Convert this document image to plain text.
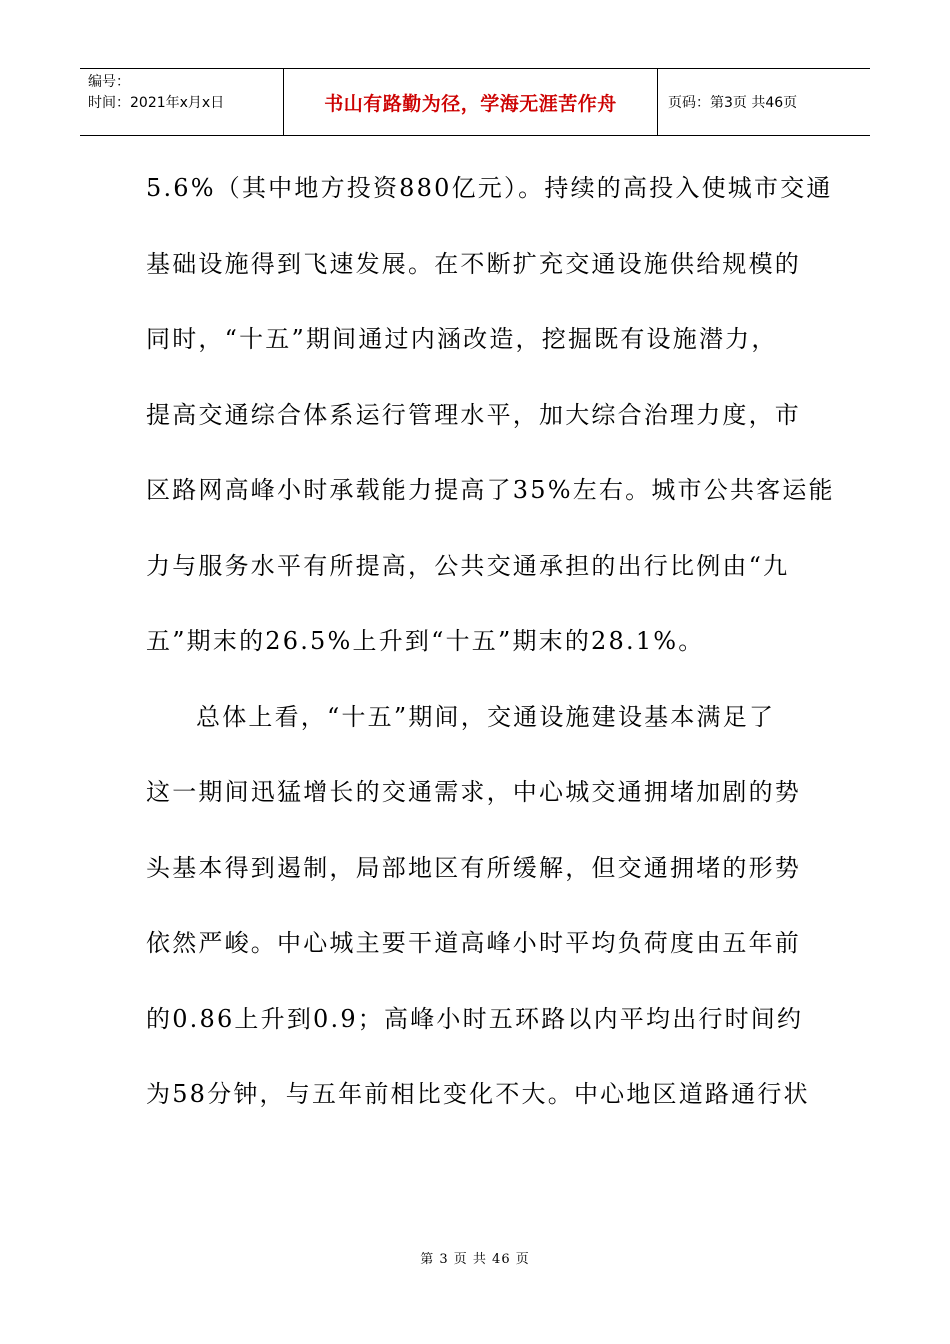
编号：
时间：2021年x月x日	书山有路勤为径，学海无涯苦作舟	页码：第3页 共46页
5.6%（其中地方投资880亿元）。持续的高投入使城市交通
基础设施得到飞速发展。在不断扩充交通设施供给规模的
同时，“十五”期间通过内涵改造，挖掘既有设施潜力，
提高交通综合体系运行管理水平，加大综合治理力度，市
区路网高峰小时承载能力提高了35%左右。城市公共客运能
力与服务水平有所提高，公共交通承担的出行比例由“九
五”期末的26.5%上升到“十五”期末的28.1%。
总体上看，“十五”期间，交通设施建设基本满足了
这一期间迅猛增长的交通需求，中心城交通拥堵加剧的势
头基本得到遏制，局部地区有所缓解，但交通拥堵的形势
依然严峻。中心城主要干道高峰小时平均负荷度由五年前
的0.86上升到0.9；高峰小时五环路以内平均出行时间约
为58分钟，与五年前相比变化不大。中心地区道路通行状
第 3 页 共 46 页
